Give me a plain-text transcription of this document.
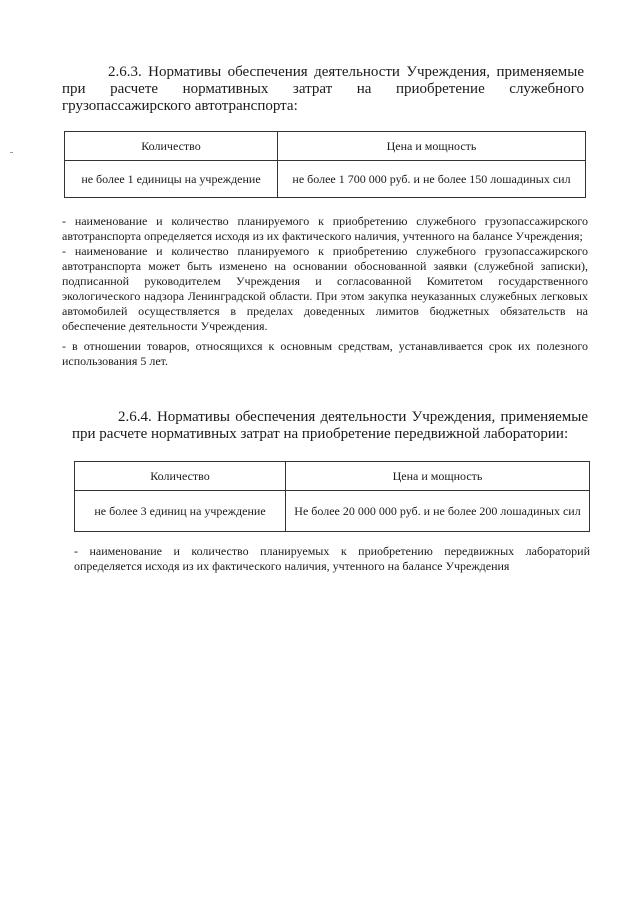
2.6.3. Нормативы обеспечения деятельности Учреждения, применяемые при расчете нормативных затрат на приобретение служебного грузопассажирского автотранспорта:
Количество	Цена и мощность
не более 1 единицы на учреждение	не более 1 700 000 руб. и не более 150 лошадиных сил

- наименование и количество планируемого к приобретению служебного грузопассажирского автотранспорта определяется исходя из их фактического наличия, учтенного на балансе Учреждения;

- наименование и количество планируемого к приобретению служебного грузопассажирского автотранспорта может быть изменено на основании обоснованной заявки (служебной записки), подписанной руководителем Учреждения и согласованной Комитетом государственного экологического надзора Ленинградской области. При этом закупка неуказанных служебных легковых автомобилей осуществляется в пределах доведенных лимитов бюджетных обязательств на обеспечение деятельности Учреждения.

- в отношении товаров, относящихся к основным средствам, устанавливается срок их полезного использования 5 лет.

2.6.4. Нормативы обеспечения деятельности Учреждения, применяемые при расчете нормативных затрат на приобретение передвижной лаборатории:
Количество	Цена и мощность
не более 3 единиц на учреждение	Не более 20 000 000 руб. и не более 200 лошадиных сил

- наименование и количество планируемых к приобретению передвижных лабораторий определяется исходя из их фактического наличия, учтенного на балансе Учреждения
